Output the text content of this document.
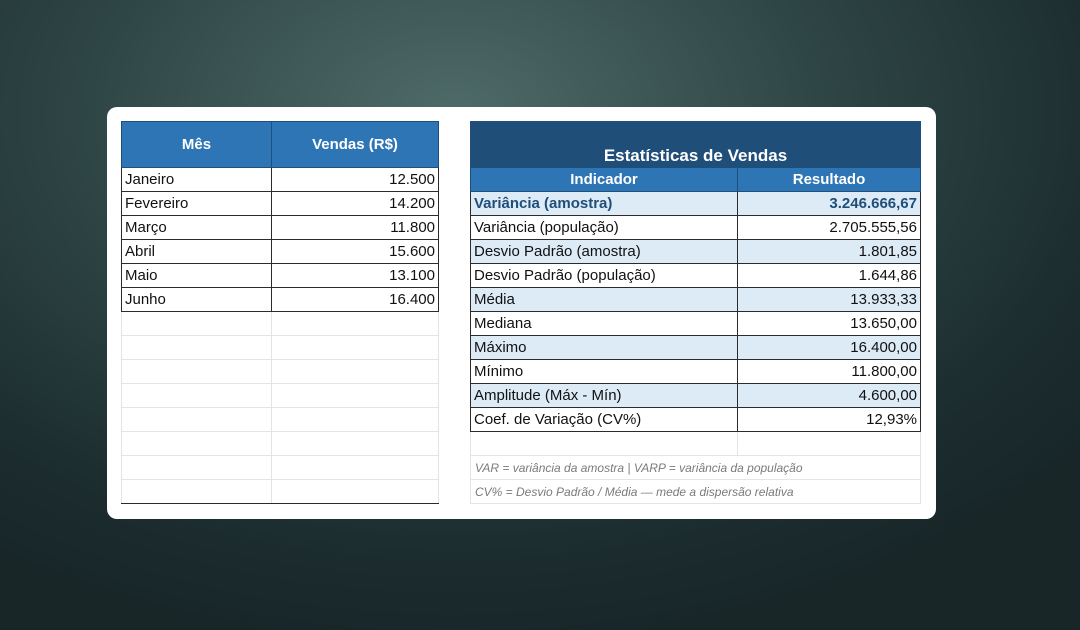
Mês	Vendas (R$)
Janeiro	12.500
Fevereiro	14.200
Março	11.800
Abril	15.600
Maio	13.100
Junho	16.400

Estatísticas de Vendas	
Indicador	Resultado
Variância (amostra)	3.246.666,67
Variância (população)	2.705.555,56
Desvio Padrão (amostra)	1.801,85
Desvio Padrão (população)	1.644,86
Média	13.933,33
Mediana	13.650,00
Máximo	16.400,00
Mínimo	11.800,00
Amplitude (Máx - Mín)	4.600,00
Coef. de Variação (CV%)	12,93%

VAR = variância da amostra | VARP = variância da população	
CV% = Desvio Padrão / Média — mede a dispersão relativa	
